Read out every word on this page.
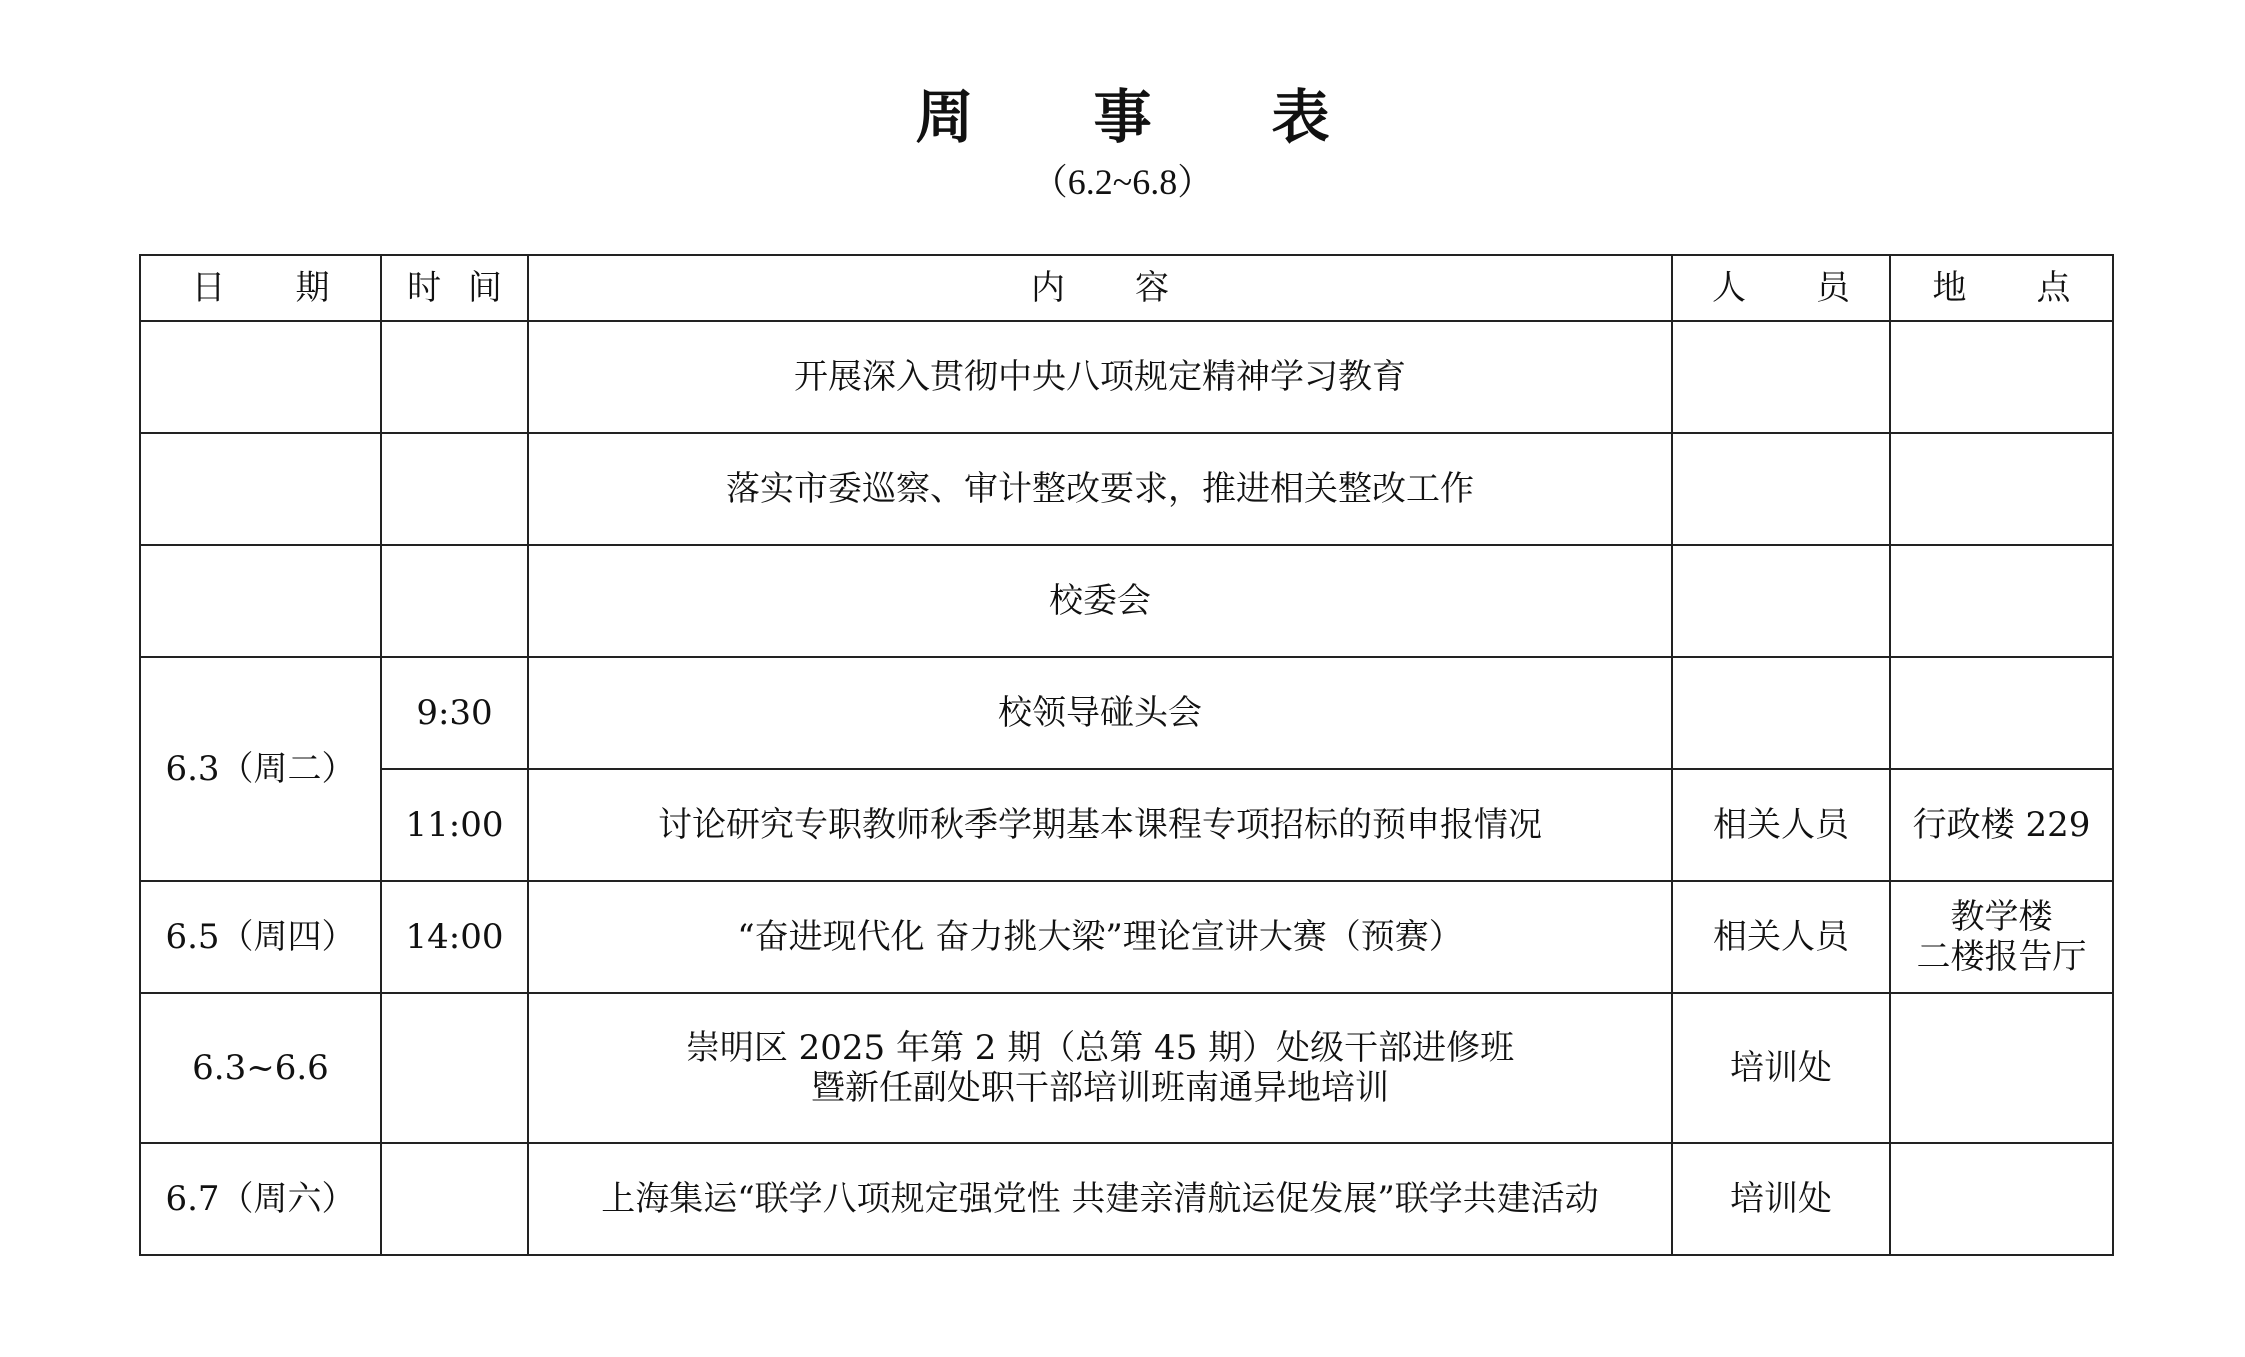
周事表
（6.2~6.8）
日　期	时 间	内　容	人　员	地　点
		开展深入贯彻中央八项规定精神学习教育		
		落实市委巡察、审计整改要求，推进相关整改工作		
		校委会		
6.3（周二）	9:30	校领导碰头会		
	11:00	讨论研究专职教师秋季学期基本课程专项招标的预申报情况	相关人员	行政楼 229
6.5（周四）	14:00	“奋进现代化 奋力挑大梁”理论宣讲大赛（预赛）	相关人员	教学楼
二楼报告厅

6.3~6.6		崇明区 2025 年第 2 期（总第 45 期）处级干部进修班
暨新任副处职干部培训班南通异地培训	培训处	
6.7（周六）		上海集运“联学八项规定强党性 共建亲清航运促发展”联学共建活动	培训处	
